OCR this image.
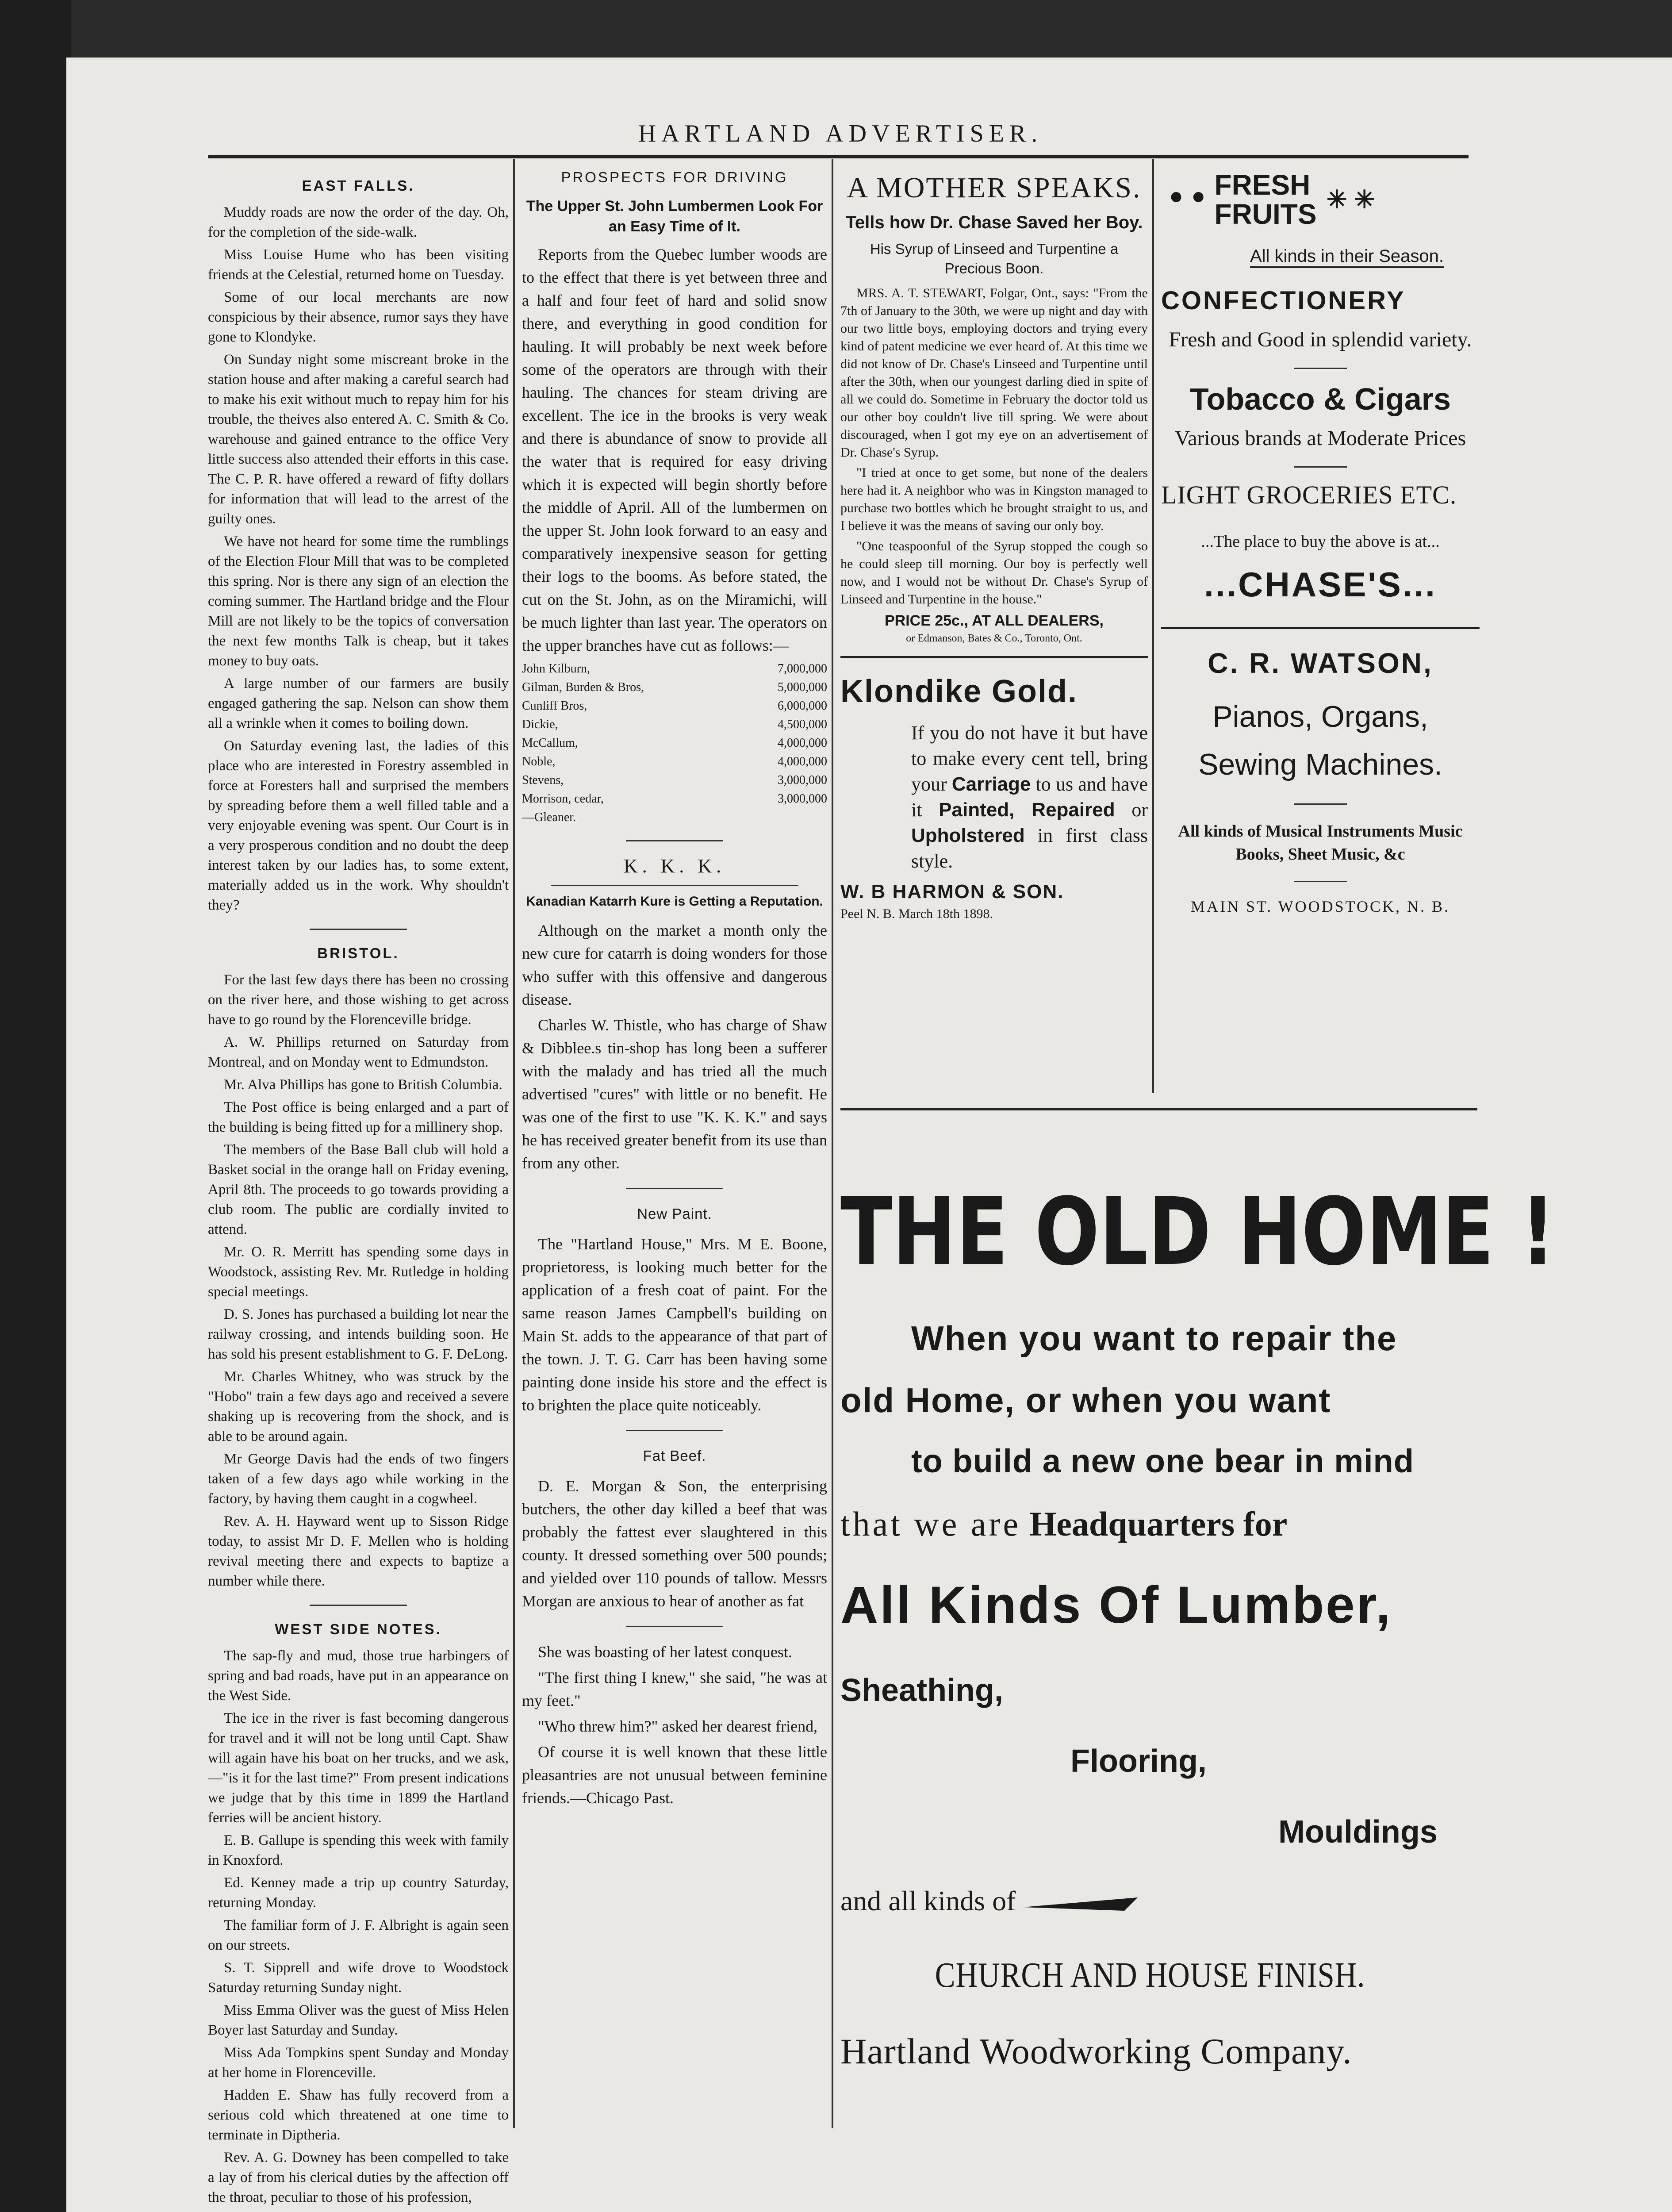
HARTLAND ADVERTISER.
EAST FALLS.

Muddy roads are now the order of the day. Oh, for the completion of the side-walk.

Miss Louise Hume who has been visiting friends at the Celestial, returned home on Tuesday.

Some of our local merchants are now conspicious by their absence, rumor says they have gone to Klondyke.

On Sunday night some miscreant broke in the station house and after making a careful search had to make his exit without much to repay him for his trouble, the theives also entered A. C. Smith & Co. warehouse and gained entrance to the office Very little success also attended their efforts in this case. The C. P. R. have offered a reward of fifty dollars for information that will lead to the arrest of the guilty ones.

We have not heard for some time the rumblings of the Election Flour Mill that was to be completed this spring. Nor is there any sign of an election the coming summer. The Hartland bridge and the Flour Mill are not likely to be the topics of conversation the next few months Talk is cheap, but it takes money to buy oats.

A large number of our farmers are busily engaged gathering the sap. Nelson can show them all a wrinkle when it comes to boiling down.

On Saturday evening last, the ladies of this place who are interested in Forestry assembled in force at Foresters hall and surprised the members by spreading before them a well filled table and a very enjoyable evening was spent. Our Court is in a very prosperous condition and no doubt the deep interest taken by our ladies has, to some extent, materially added us in the work. Why shouldn't they?

BRISTOL.

For the last few days there has been no crossing on the river here, and those wishing to get across have to go round by the Florenceville bridge.

A. W. Phillips returned on Saturday from Montreal, and on Monday went to Edmundston.

Mr. Alva Phillips has gone to British Columbia.

The Post office is being enlarged and a part of the building is being fitted up for a millinery shop.

The members of the Base Ball club will hold a Basket social in the orange hall on Friday evening, April 8th. The proceeds to go towards providing a club room. The public are cordially invited to attend.

Mr. O. R. Merritt has spending some days in Woodstock, assisting Rev. Mr. Rutledge in holding special meetings.

D. S. Jones has purchased a building lot near the railway crossing, and intends building soon. He has sold his present establishment to G. F. DeLong.

Mr. Charles Whitney, who was struck by the "Hobo" train a few days ago and received a severe shaking up is recovering from the shock, and is able to be around again.

Mr George Davis had the ends of two fingers taken of a few days ago while working in the factory, by having them caught in a cogwheel.

Rev. A. H. Hayward went up to Sisson Ridge today, to assist Mr D. F. Mellen who is holding revival meeting there and expects to baptize a number while there.

WEST SIDE NOTES.

The sap-fly and mud, those true harbingers of spring and bad roads, have put in an appearance on the West Side.

The ice in the river is fast becoming dangerous for travel and it will not be long until Capt. Shaw will again have his boat on her trucks, and we ask,—"is it for the last time?" From present indications we judge that by this time in 1899 the Hartland ferries will be ancient history.

E. B. Gallupe is spending this week with family in Knoxford.

Ed. Kenney made a trip up country Saturday, returning Monday.

The familiar form of J. F. Albright is again seen on our streets.

S. T. Sipprell and wife drove to Woodstock Saturday returning Sunday night.

Miss Emma Oliver was the guest of Miss Helen Boyer last Saturday and Sunday.

Miss Ada Tompkins spent Sunday and Monday at her home in Florenceville.

Hadden E. Shaw has fully recoverd from a serious cold which threatened at one time to terminate in Diptheria.

Rev. A. G. Downey has been compelled to take a lay of from his clerical duties by the affection off the throat, peculiar to those of his profession,

PROSPECTS FOR DRIVING
The Upper St. John Lumbermen Look For an Easy Time of It.

Reports from the Quebec lumber woods are to the effect that there is yet between three and a half and four feet of hard and solid snow there, and everything in good condition for hauling. It will probably be next week before some of the operators are through with their hauling. The chances for steam driving are excellent. The ice in the brooks is very weak and there is abundance of snow to provide all the water that is required for easy driving which it is expected will begin shortly before the middle of April. All of the lumbermen on the upper St. John look forward to an easy and comparatively inexpensive season for getting their logs to the booms. As before stated, the cut on the St. John, as on the Miramichi, will be much lighter than last year. The operators on the upper branches have cut as follows:—

John Kilburn,	7,000,000
Gilman, Burden & Bros,	5,000,000
Cunliff Bros,	6,000,000
Dickie,	4,500,000
McCallum,	4,000,000
Noble,	4,000,000
Stevens,	3,000,000
Morrison, cedar,	3,000,000
—Gleaner.
K. K. K.
Kanadian Katarrh Kure is Getting a Reputation.

Although on the market a month only the new cure for catarrh is doing wonders for those who suffer with this offensive and dangerous disease.

Charles W. Thistle, who has charge of Shaw & Dibblee.s tin-shop has long been a sufferer with the malady and has tried all the much advertised "cures" with little or no benefit. He was one of the first to use "K. K. K." and says he has received greater benefit from its use than from any other.

New Paint.

The "Hartland House," Mrs. M E. Boone, proprietoress, is looking much better for the application of a fresh coat of paint. For the same reason James Campbell's building on Main St. adds to the appearance of that part of the town. J. T. G. Carr has been having some painting done inside his store and the effect is to brighten the place quite noticeably.

Fat Beef.

D. E. Morgan & Son, the enterprising butchers, the other day killed a beef that was probably the fattest ever slaughtered in this county. It dressed something over 500 pounds; and yielded over 110 pounds of tallow. Messrs Morgan are anxious to hear of another as fat

She was boasting of her latest conquest.

"The first thing I knew," she said, "he was at my feet."

"Who threw him?" asked her dearest friend,

Of course it is well known that these little pleasantries are not unusual between feminine friends.—Chicago Past.

A MOTHER SPEAKS.
Tells how Dr. Chase Saved her Boy.
His Syrup of Linseed and Turpentine a Precious Boon.

MRS. A. T. STEWART, Folgar, Ont., says: "From the 7th of January to the 30th, we were up night and day with our two little boys, employing doctors and trying every kind of patent medicine we ever heard of. At this time we did not know of Dr. Chase's Linseed and Turpentine until after the 30th, when our youngest darling died in spite of all we could do. Sometime in February the doctor told us our other boy couldn't live till spring. We were about discouraged, when I got my eye on an advertisement of Dr. Chase's Syrup.

"I tried at once to get some, but none of the dealers here had it. A neighbor who was in Kingston managed to purchase two bottles which he brought straight to us, and I believe it was the means of saving our only boy.

"One teaspoonful of the Syrup stopped the cough so he could sleep till morning. Our boy is perfectly well now, and I would not be without Dr. Chase's Syrup of Linseed and Turpentine in the house."

PRICE 25c., AT ALL DEALERS,
or Edmanson, Bates & Co., Toronto, Ont.
Klondike Gold.
If you do not have it but have to make every cent tell, bring your Carriage to us and have it Painted, Repaired or Upholstered in first class style.
W. B HARMON & SON.
Peel N. B. March 18th 1898.
• • FRESH
FRUITS ✳ ✳
All kinds in their Season.
CONFECTIONERY
Fresh and Good in splendid variety.
Tobacco & Cigars
Various brands at Moderate Prices
LIGHT GROCERIES ETC.
...The place to buy the above is at...
...CHASE'S...
C. R. WATSON,
Pianos, Organs, Sewing Machines.
All kinds of Musical Instruments Music Books, Sheet Music, &c
MAIN ST. WOODSTOCK, N. B.
THE OLD HOME !
When you want to repair the
old Home, or when you want
to build a new one bear in mind
that we are Headquarters for
All Kinds Of Lumber,
Sheathing,
Flooring,
Mouldings
and all kinds of
CHURCH AND HOUSE FINISH.
Hartland Woodworking Company.
